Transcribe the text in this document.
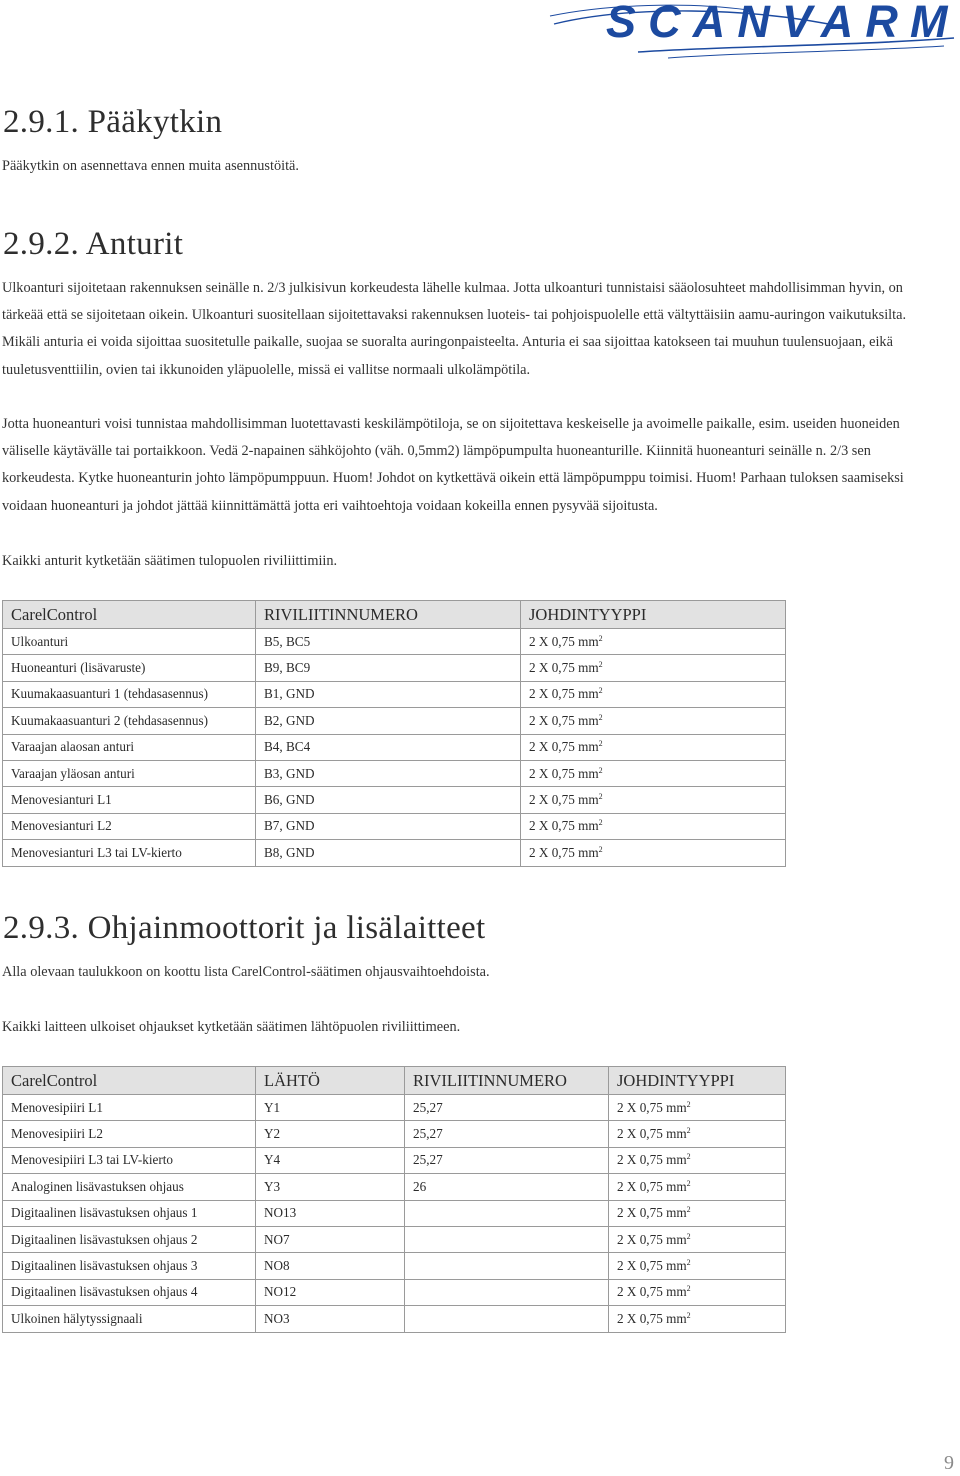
SCANVARM
2.9.1. Pääkytkin

Pääkytkin on asennettava ennen muita asennustöitä.

2.9.2. Anturit

Ulkoanturi sijoitetaan rakennuksen seinälle n. 2/3 julkisivun korkeudesta lähelle kulmaa. Jotta ulkoanturi tunnistaisi sääolosuhteet mahdollisimman hyvin, on tärkeää että se sijoitetaan oikein. Ulkoanturi suositellaan sijoitettavaksi rakennuksen luoteis- tai pohjoispuolelle että vältyttäisiin aamu-auringon vaikutuksilta. Mikäli anturia ei voida sijoittaa suositetulle paikalle, suojaa se suoralta auringonpaisteelta. Anturia ei saa sijoittaa katokseen tai muuhun tuulensuojaan, eikä tuuletusventtiilin, ovien tai ikkunoiden yläpuolelle, missä ei vallitse normaali ulkolämpötila.

Jotta huoneanturi voisi tunnistaa mahdollisimman luotettavasti keskilämpötiloja, se on sijoitettava keskeiselle ja avoimelle paikalle, esim. useiden huoneiden väliselle käytävälle tai portaikkoon. Vedä 2-napainen sähköjohto (väh. 0,5mm2) lämpöpumpulta huoneanturille. Kiinnitä huoneanturi seinälle n. 2/3 sen korkeudesta. Kytke huoneanturin johto lämpöpumppuun. Huom! Johdot on kytkettävä oikein että lämpöpumppu toimisi. Huom! Parhaan tuloksen saamiseksi voidaan huoneanturi ja johdot jättää kiinnittämättä jotta eri vaihtoehtoja voidaan kokeilla ennen pysyvää sijoitusta.

Kaikki anturit kytketään säätimen tulopuolen riviliittimiin.

CarelControl	RIVILIITINNUMERO	JOHDINTYYPPI
Ulkoanturi	B5, BC5	2 X 0,75 $mm^2$
Huoneanturi (lisävaruste)	B9, BC9	2 X 0,75 $mm^2$
Kuumakaasuanturi 1 (tehdasasennus)	B1, GND	2 X 0,75 $mm^2$
Kuumakaasuanturi 2 (tehdasasennus)	B2, GND	2 X 0,75 $mm^2$
Varaajan alaosan anturi	B4, BC4	2 X 0,75 $mm^2$
Varaajan yläosan anturi	B3, GND	2 X 0,75 $mm^2$
Menovesianturi L1	B6, GND	2 X 0,75 $mm^2$
Menovesianturi L2	B7, GND	2 X 0,75 $mm^2$
Menovesianturi L3 tai LV-kierto	B8, GND	2 X 0,75 $mm^2$
2.9.3. Ohjainmoottorit ja lisälaitteet

Alla olevaan taulukkoon on koottu lista CarelControl-säätimen ohjausvaihtoehdoista.

Kaikki laitteen ulkoiset ohjaukset kytketään säätimen lähtöpuolen riviliittimeen.

CarelControl	LÄHTÖ	RIVILIITINNUMERO	JOHDINTYYPPI
Menovesipiiri L1	Y1	25,27	2 X 0,75 $mm^2$
Menovesipiiri L2	Y2	25,27	2 X 0,75 $mm^2$
Menovesipiiri L3 tai LV-kierto	Y4	25,27	2 X 0,75 $mm^2$
Analoginen lisävastuksen ohjaus	Y3	26	2 X 0,75 $mm^2$
Digitaalinen lisävastuksen ohjaus 1	NO13		2 X 0,75 $mm^2$
Digitaalinen lisävastuksen ohjaus 2	NO7		2 X 0,75 $mm^2$
Digitaalinen lisävastuksen ohjaus 3	NO8		2 X 0,75 $mm^2$
Digitaalinen lisävastuksen ohjaus 4	NO12		2 X 0,75 $mm^2$
Ulkoinen hälytyssignaali	NO3		2 X 0,75 $mm^2$
9
